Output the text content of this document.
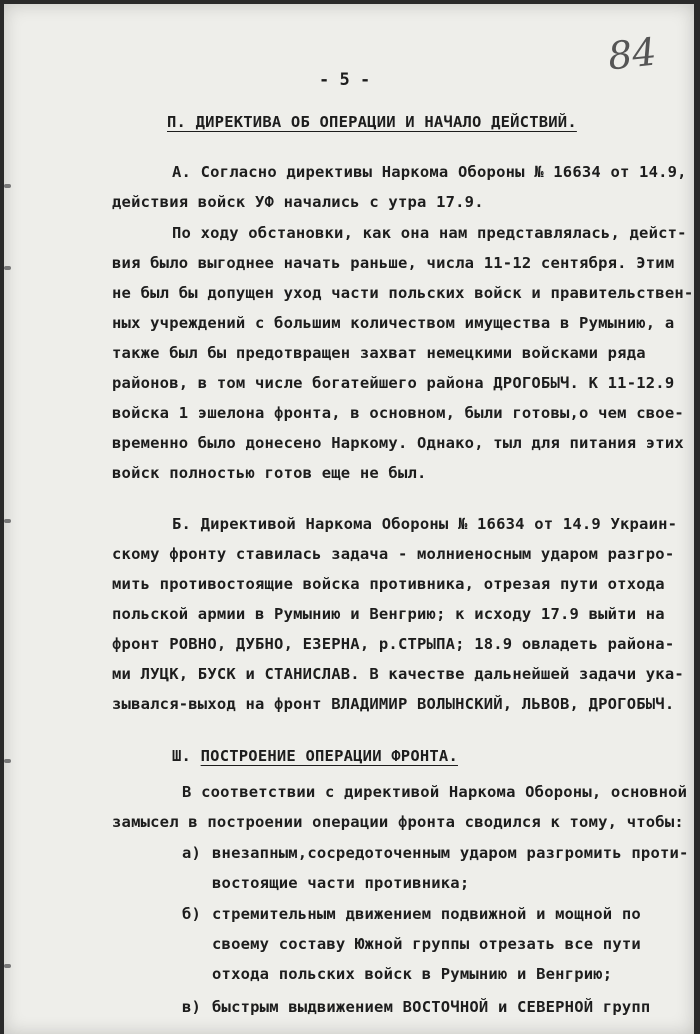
84
- 5 -
П. ДИРЕКТИВА ОБ ОПЕРАЦИИ И НАЧАЛО ДЕЙСТВИЙ.
А. Согласно директивы Наркома Обороны № 16634 от 14.9,
действия войск УФ начались с утра 17.9.
По ходу обстановки, как она нам представлялась, дейст-
вия было выгоднее начать раньше, числа 11-12 сентября. Этим
не был бы допущен уход части польских войск и правительствен-
ных учреждений с большим количеством имущества в Румынию, а
также был бы предотвращен захват немецкими войсками ряда
районов, в том числе богатейшего района ДРОГОБЫЧ. К 11-12.9
войска 1 эшелона фронта, в основном, были готовы,о чем свое-
временно было донесено Наркому. Однако, тыл для питания этих
войск полностью готов еще не был.
Б. Директивой Наркома Обороны № 16634 от 14.9 Украин-
скому фронту ставилась задача - молниеносным ударом разгро-
мить противостоящие войска противника, отрезая пути отхода
польской армии в Румынию и Венгрию; к исходу 17.9 выйти на
фронт РОВНО, ДУБНО, ЕЗЕРНА, р.СТРЫПА; 18.9 овладеть района-
ми ЛУЦК, БУСК и СТАНИСЛАВ. В качестве дальнейшей задачи ука-
зывался-выход на фронт ВЛАДИМИР ВОЛЫНСКИЙ, ЛЬВОВ, ДРОГОБЫЧ.
Ш. ПОСТРОЕНИЕ ОПЕРАЦИИ ФРОНТА.
В соответствии с директивой Наркома Обороны, основной
замысел в построении операции фронта сводился к тому, чтобы:
а) внезапным,сосредоточенным ударом разгромить проти-
востоящие части противника;
б) стремительным движением подвижной и мощной по
своему составу Южной группы отрезать все пути
отхода польских войск в Румынию и Венгрию;
в) быстрым выдвижением ВОСТОЧНОЙ и СЕВЕРНОЙ групп
